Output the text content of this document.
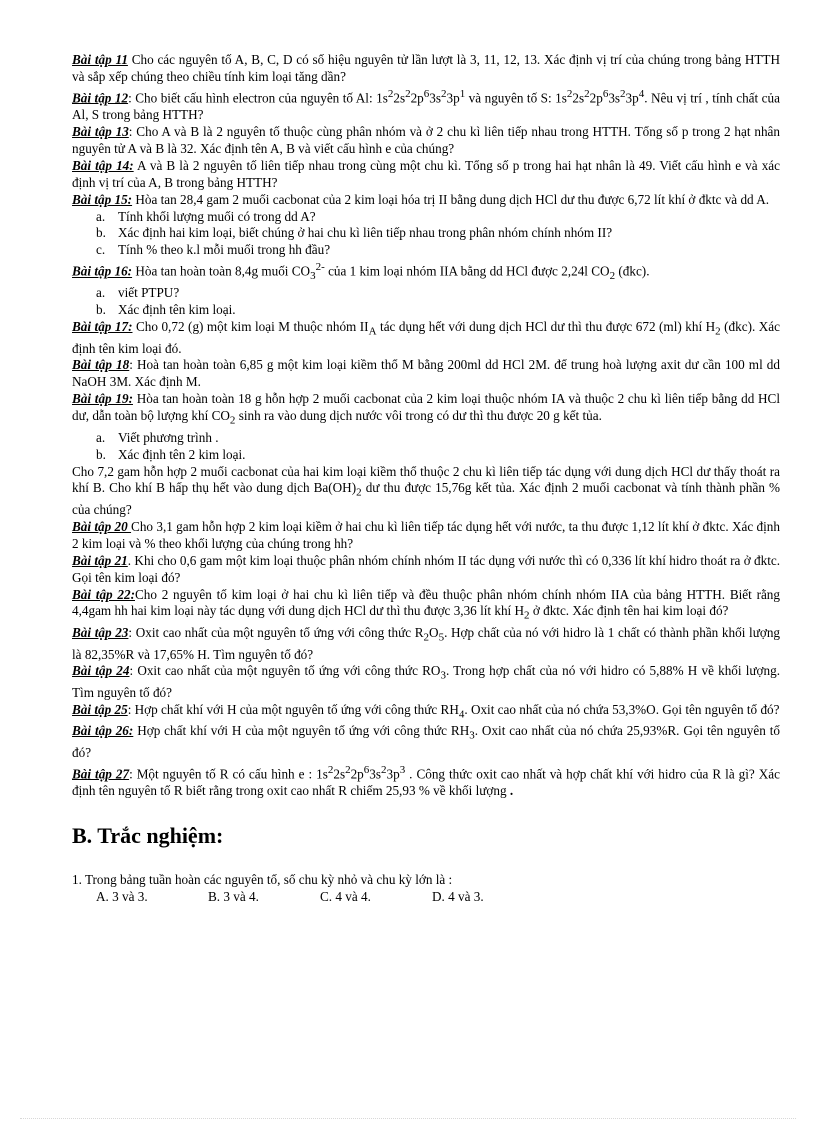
Bài tập 11 Cho các nguyên tố A, B, C, D có số hiệu nguyên tử lần lượt là 3, 11, 12, 13. Xác định vị trí của chúng trong bảng HTTH và sắp xếp chúng theo chiều tính kim loại tăng dần?

Bài tập 12: Cho biết cấu hình electron của nguyên tố Al: $1s^22s^22p^63s^23p^1$ và nguyên tố S: $1s^22s^22p^63s^23p^4$. Nêu vị trí , tính chất của Al, S trong bảng HTTH?

Bài tập 13: Cho A và B là 2 nguyên tố thuộc cùng phân nhóm và ở 2 chu kì liên tiếp nhau trong HTTH. Tổng số p trong 2 hạt nhân nguyên tử A và B là 32. Xác định tên A, B và viết cấu hình e của chúng?

Bài tập 14: A và B là 2 nguyên tố liên tiếp nhau trong cùng một chu kì. Tổng số p trong hai hạt nhân là 49. Viết cấu hình e và xác định vị trí của A, B trong bảng HTTH?

Bài tập 15: Hòa tan 28,4 gam 2 muối cacbonat của 2 kim loại hóa trị II bằng dung dịch HCl dư thu được 6,72 lít khí ở đktc và dd A.

a. Tính khối lượng muối có trong dd A?

b. Xác định hai kim loại, biết chúng ở hai chu kì liên tiếp nhau trong phân nhóm chính nhóm II?

c. Tính % theo k.l mỗi muối trong hh đầu?

Bài tập 16: Hòa tan hoàn toàn 8,4g muối $CO_3^{2-}$ của 1 kim loại nhóm IIA bằng dd HCl được 2,24l $CO_2$ (đkc).

a. viết PTPU?

b. Xác định tên kim loại.

Bài tập 17: Cho 0,72 (g) một kim loại M thuộc nhóm $II_A$ tác dụng hết với dung dịch HCl dư thì thu được 672 (ml) khí $H_2$ (đkc). Xác định tên kim loại đó.

Bài tập 18: Hoà tan hoàn toàn 6,85 g một kim loại kiềm thổ M bằng 200ml dd HCl 2M. để trung hoà lượng axit dư cần 100 ml dd NaOH 3M. Xác định M.

Bài tập 19: Hòa tan hoàn toàn 18 g hỗn hợp 2 muối cacbonat của 2 kim loại thuộc nhóm IA và thuộc 2 chu kì liên tiếp bằng dd HCl dư, dẫn toàn bộ lượng khí $CO_2$ sinh ra vào dung dịch nước vôi trong có dư thì thu được 20 g kết tủa.

a. Viết phương trình .

b. Xác định tên 2 kim loại.

Cho 7,2 gam hỗn hợp 2 muối cacbonat của hai kim loại kiềm thổ thuộc 2 chu kì liên tiếp tác dụng với dung dịch HCl dư thấy thoát ra khí B. Cho khí B hấp thụ hết vào dung dịch $Ba(OH)_2$ dư thu được 15,76g kết tủa. Xác định 2 muối cacbonat và tính thành phần % của chúng?

Bài tập 20 Cho 3,1 gam hỗn hợp 2 kim loại kiềm ở hai chu kì liên tiếp tác dụng hết với nước, ta thu được 1,12 lít khí ở đktc. Xác định 2 kim loại và % theo khối lượng của chúng trong hh?

Bài tập 21. Khi cho 0,6 gam một kim loại thuộc phân nhóm chính nhóm II tác dụng với nước thì có 0,336 lít khí hidro thoát ra ở đktc. Gọi tên kim loại đó?

Bài tập 22:Cho 2 nguyên tố kim loại ở hai chu kì liên tiếp và đều thuộc phân nhóm chính nhóm IIA của bảng HTTH. Biết rằng 4,4gam hh hai kim loại này tác dụng với dung dịch HCl dư thì thu được 3,36 lít khí $H_2$ ở đktc. Xác định tên hai kim loại đó?

Bài tập 23: Oxit cao nhất của một nguyên tố ứng với công thức $R_2O_5$. Hợp chất của nó với hidro là 1 chất có thành phần khối lượng là 82,35%R và 17,65% H. Tìm nguyên tố đó?

Bài tập 24: Oxit cao nhất của một nguyên tố ứng với công thức $RO_3$. Trong hợp chất của nó với hidro có 5,88% H về khối lượng. Tìm nguyên tố đó?

Bài tập 25: Hợp chất khí với H của một nguyên tố ứng với công thức $RH_4$. Oxit cao nhất của nó chứa 53,3%O. Gọi tên nguyên tố đó?

Bài tập 26: Hợp chất khí với H của một nguyên tố ứng với công thức $RH_3$. Oxit cao nhất của nó chứa 25,93%R. Gọi tên nguyên tố đó?

Bài tập 27: Một nguyên tố R có cấu hình e : $1s^22s^22p^63s^23p^3$ . Công thức oxit cao nhất và hợp chất khí với hidro của R là gì? Xác định tên nguyên tố R biết rằng trong oxit cao nhất R chiếm 25,93 % về khối lượng .

B. Trắc nghiệm:

1. Trong bảng tuần hoàn các nguyên tố, số chu kỳ nhỏ và chu kỳ lớn là :

A. 3 và 3.	B. 3 và 4.	C. 4 và 4.	D. 4 và 3.
